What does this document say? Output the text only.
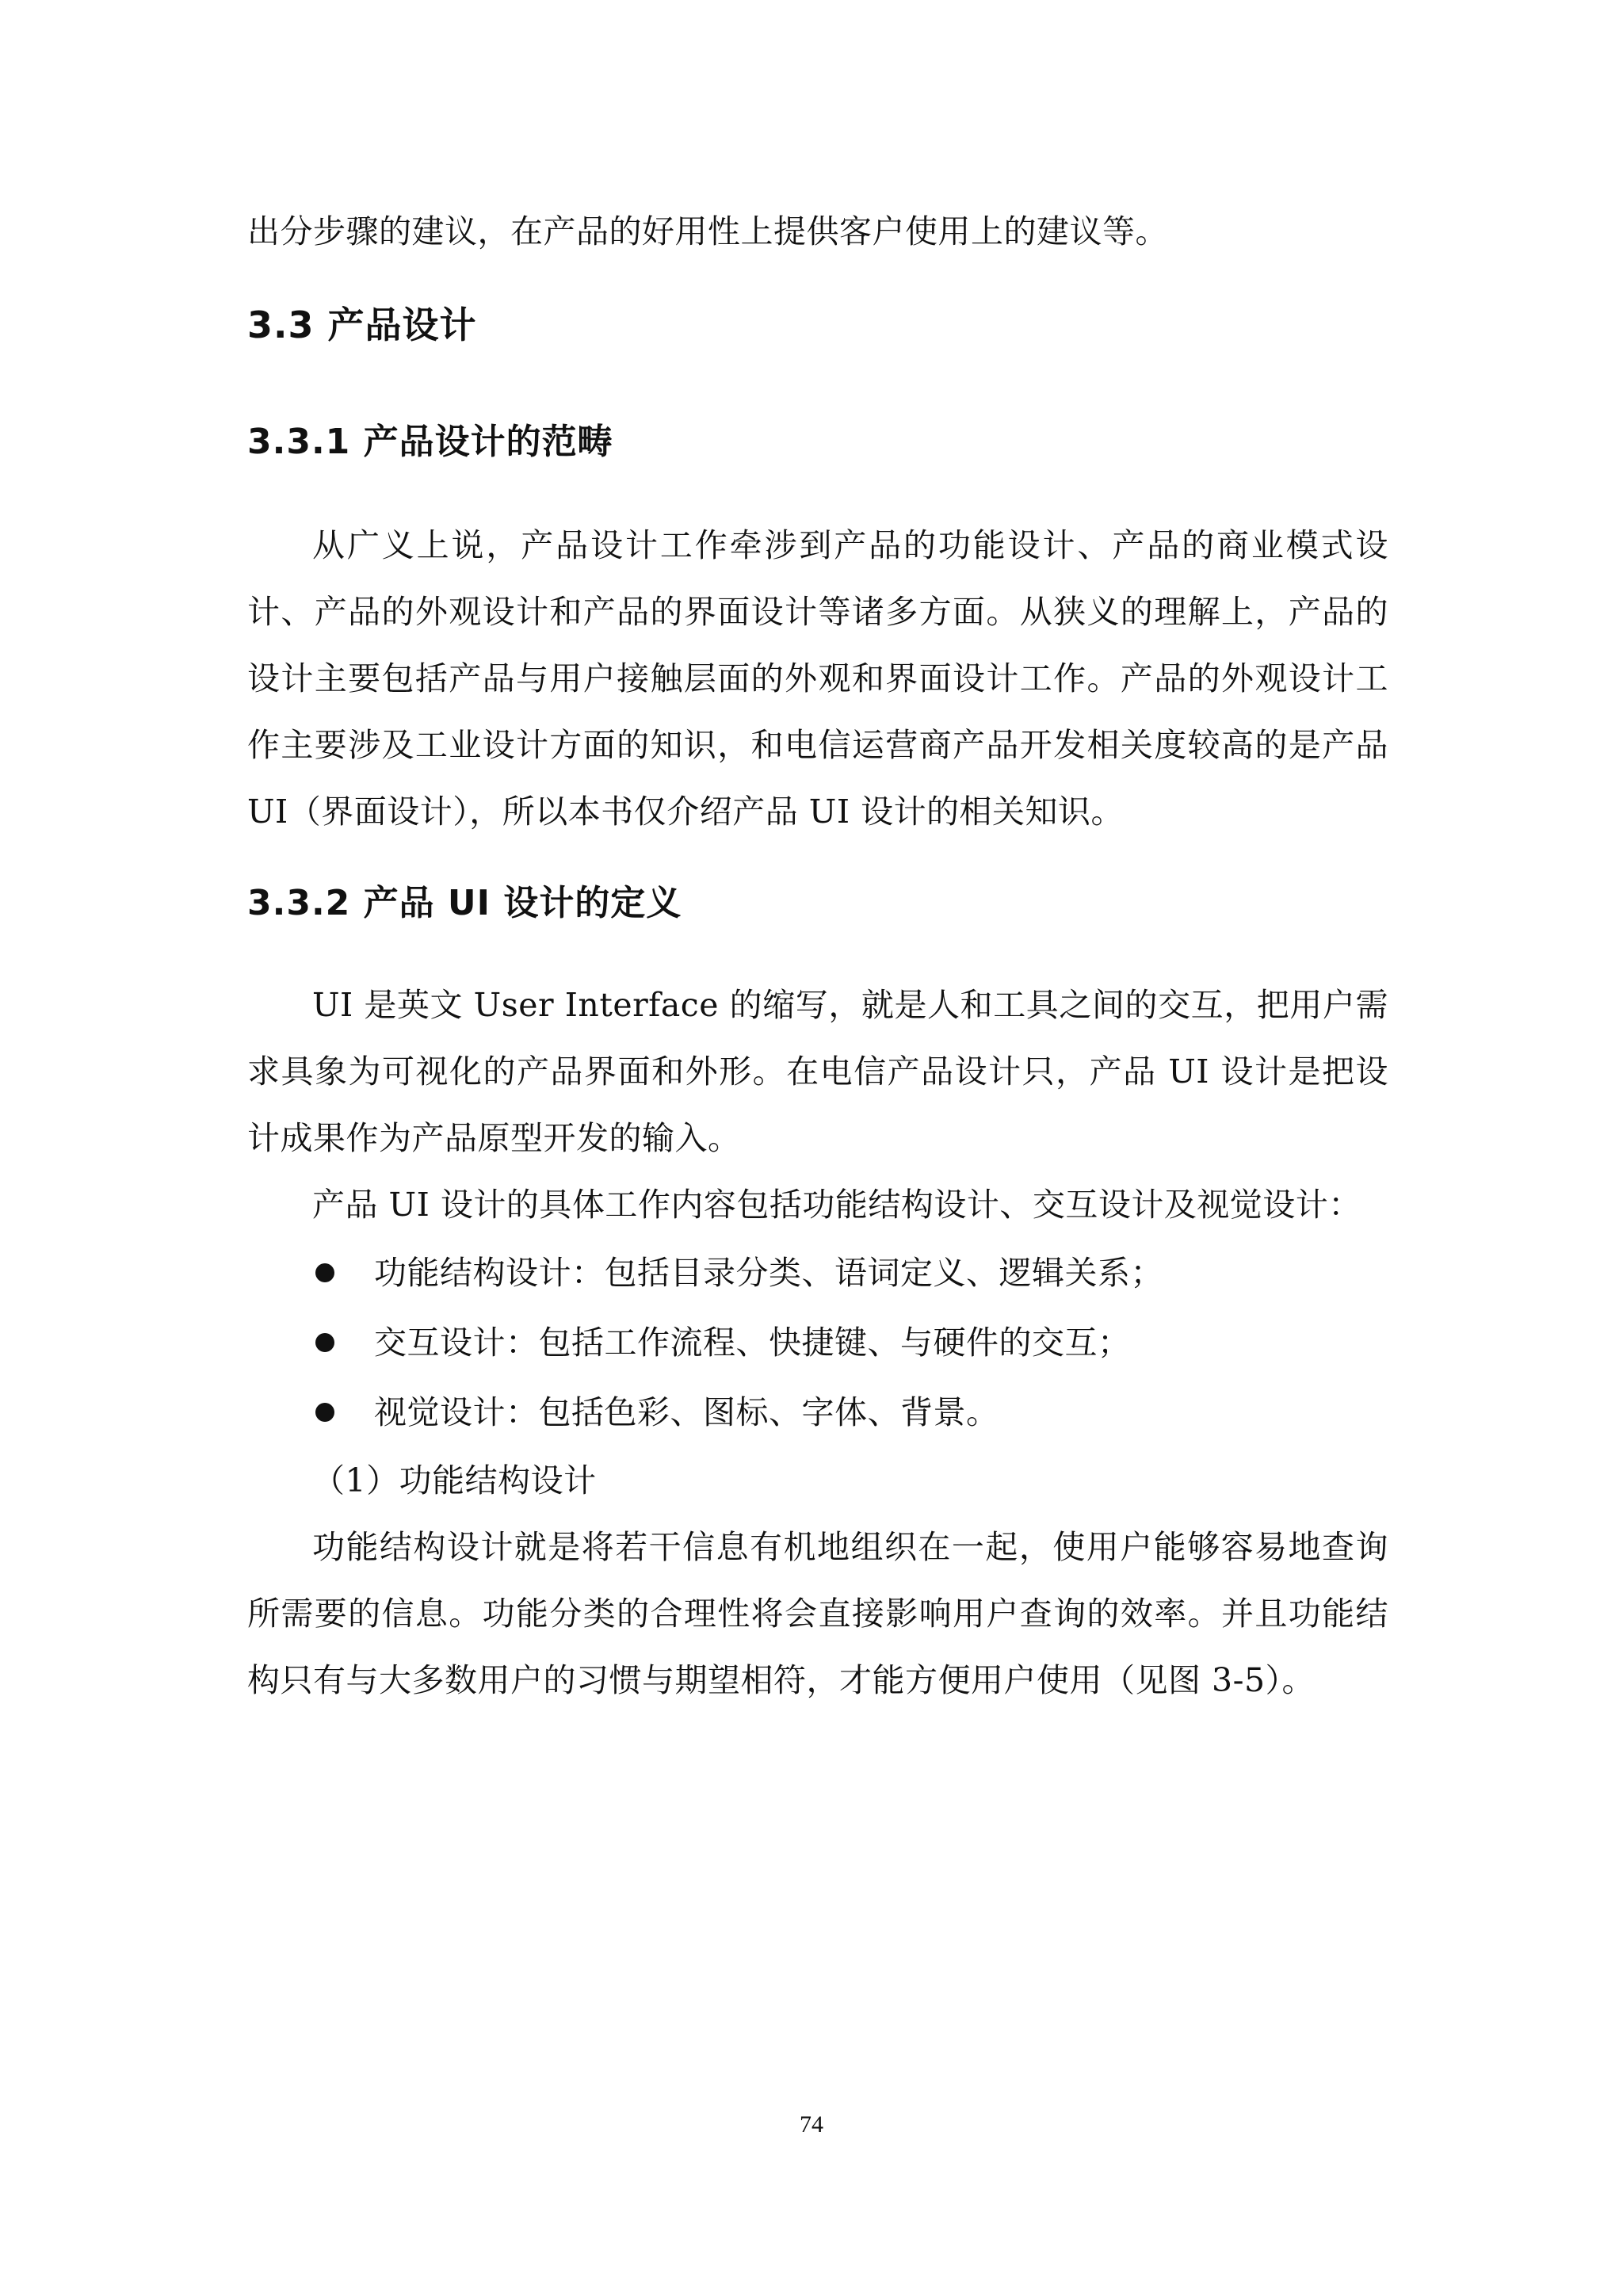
出分步骤的建议，在产品的好用性上提供客户使用上的建议等。

3.3 产品设计
3.3.1 产品设计的范畴

从广义上说，产品设计工作牵涉到产品的功能设计、产品的商业模式设计、产品的外观设计和产品的界面设计等诸多方面。从狭义的理解上，产品的设计主要包括产品与用户接触层面的外观和界面设计工作。产品的外观设计工作主要涉及工业设计方面的知识，和电信运营商产品开发相关度较高的是产品 UI（界面设计），所以本书仅介绍产品 UI 设计的相关知识。

3.3.2 产品 UI 设计的定义

UI 是英文 User Interface 的缩写，就是人和工具之间的交互，把用户需求具象为可视化的产品界面和外形。在电信产品设计只，产品 UI 设计是把设计成果作为产品原型开发的输入。

产品 UI 设计的具体工作内容包括功能结构设计、交互设计及视觉设计：

功能结构设计：包括目录分类、语词定义、逻辑关系；
交互设计：包括工作流程、快捷键、与硬件的交互；
视觉设计：包括色彩、图标、字体、背景。

（1）功能结构设计

功能结构设计就是将若干信息有机地组织在一起，使用户能够容易地查询所需要的信息。功能分类的合理性将会直接影响用户查询的效率。并且功能结构只有与大多数用户的习惯与期望相符，才能方便用户使用（见图 3-5）。

74
